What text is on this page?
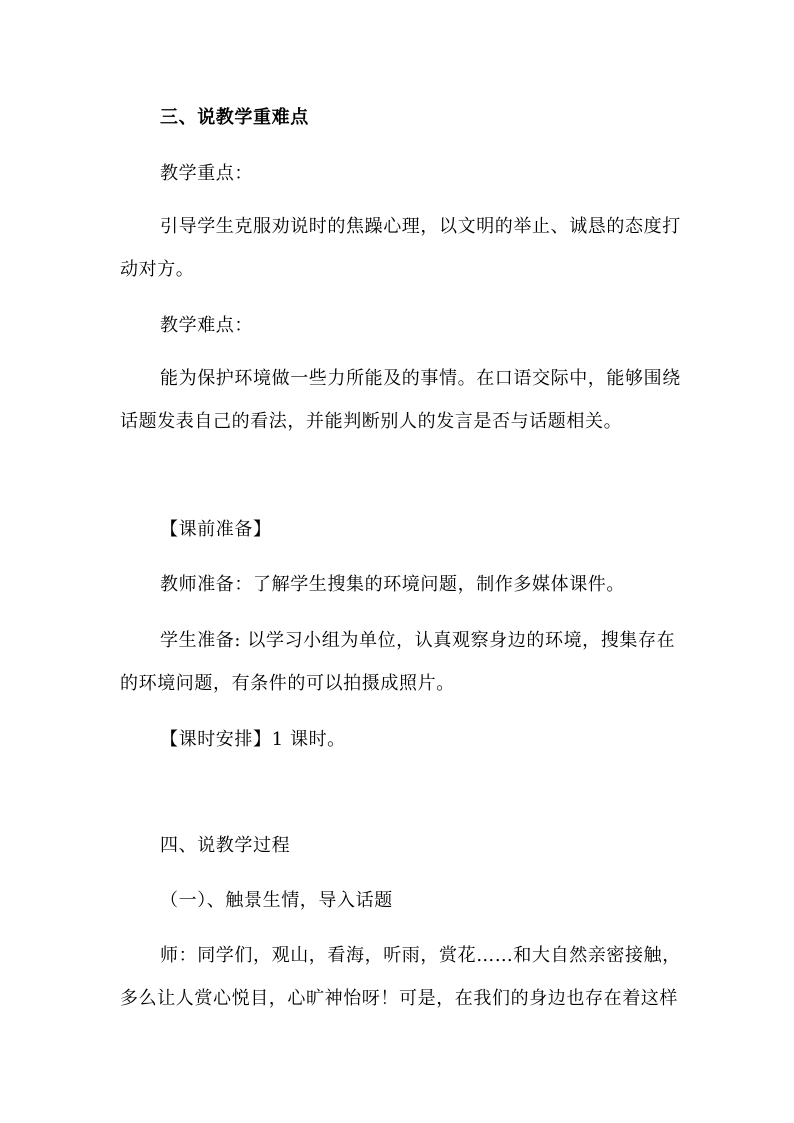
三、说教学重难点
教学重点：
引导学生克服劝说时的焦躁心理，以文明的举止、诚恳的态度打
动对方。
教学难点：
能为保护环境做一些力所能及的事情。在口语交际中，能够围绕
话题发表自己的看法，并能判断别人的发言是否与话题相关。
【课前准备】
教师准备：了解学生搜集的环境问题，制作多媒体课件。
学生准备: 以学习小组为单位，认真观察身边的环境，搜集存在
的环境问题，有条件的可以拍摄成照片。
【课时安排】1 课时。
四、说教学过程
（一）、触景生情，导入话题
师：同学们，观山，看海，听雨，赏花……和大自然亲密接触，
多么让人赏心悦目，心旷神怡呀！可是，在我们的身边也存在着这样
